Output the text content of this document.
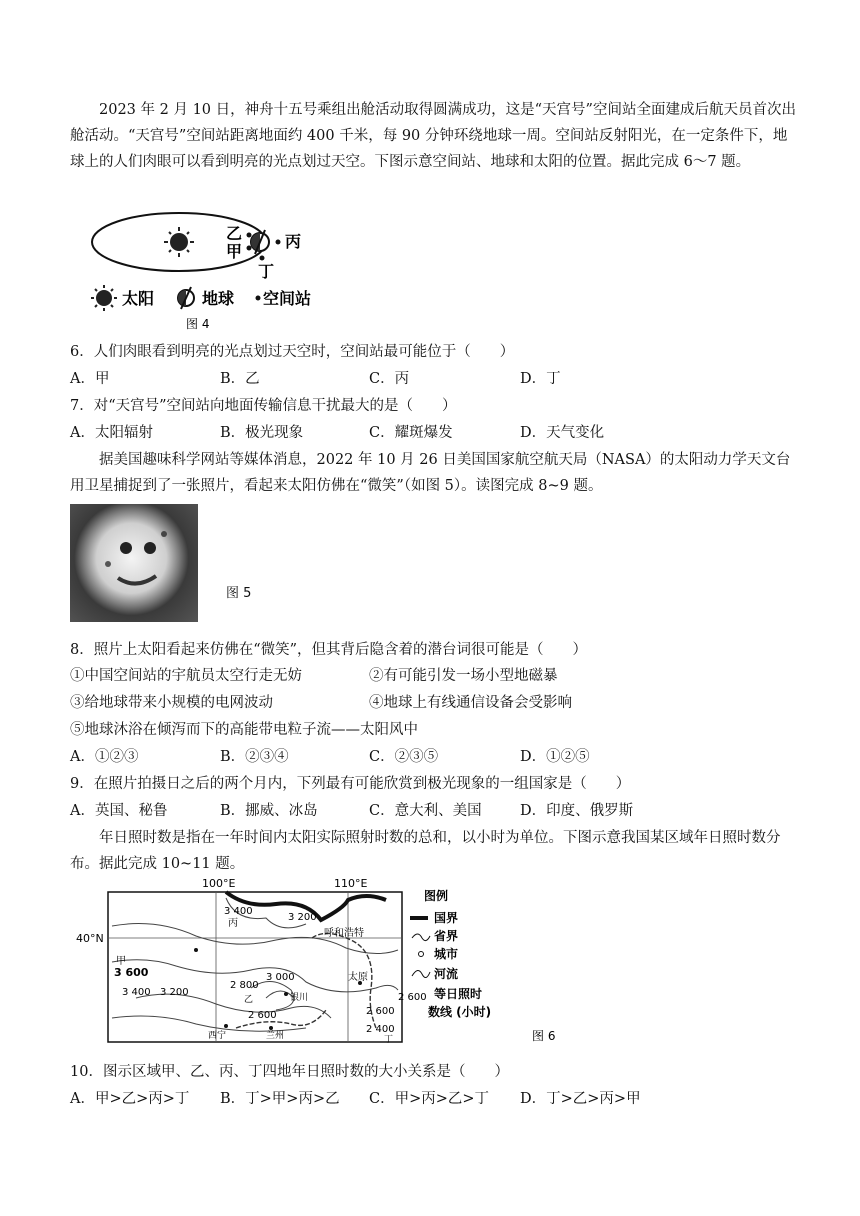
2023 年 2 月 10 日，神舟十五号乘组出舱活动取得圆满成功，这是“天宫号”空间站全面建成后航天员首次出舱活动。“天宫号”空间站距离地面约 400 千米，每 90 分钟环绕地球一周。空间站反射阳光，在一定条件下，地球上的人们肉眼可以看到明亮的光点划过天空。下图示意空间站、地球和太阳的位置。据此完成 6～7 题。

乙
甲
丙
丁
太阳	地球 空间站
图 4

6．人们肉眼看到明亮的光点划过天空时，空间站最可能位于（　　）

A．甲	B．乙	C．丙	D．丁

7．对“天宫号”空间站向地面传输信息干扰最大的是（　　）

A．太阳辐射	B．极光现象	C．耀斑爆发	D．天气变化

据美国趣味科学网站等媒体消息，2022 年 10 月 26 日美国国家航空航天局（NASA）的太阳动力学天文台用卫星捕捉到了一张照片，看起来太阳仿佛在“微笑”（如图 5）。读图完成 8~9 题。

图 5

8．照片上太阳看起来仿佛在“微笑”，但其背后隐含着的潜台词很可能是（　　）

①中国空间站的宇航员太空行走无妨	②有可能引发一场小型地磁暴
③给地球带来小规模的电网波动	④地球上有线通信设备会受影响
⑤地球沐浴在倾泻而下的高能带电粒子流——太阳风中
A．①②③	B．②③④	C．②③⑤	D．①②⑤

9．在照片拍摄日之后的两个月内，下列最有可能欣赏到极光现象的一组国家是（　　）

A．英国、秘鲁	B．挪威、冰岛	C．意大利、美国	D．印度、俄罗斯

年日照时数是指在一年时间内太阳实际照射时数的总和，以小时为单位。下图示意我国某区域年日照时数分布。据此完成 10~11 题。

100°E	110°E
40°N
3 400
丙
3 200
呼和浩特
甲
3 600
3 400 3 200
3 000
2 800
2 600
银川
太原
2 600
2 400
丁
西宁	兰州
乙
图例
国界
省界
城市
河流
2 600 等日照时
数线 (小时)
图 6

10．图示区域甲、乙、丙、丁四地年日照时数的大小关系是（　　）

A．甲>乙>丙>丁 B．丁>甲>丙>乙 C．甲>丙>乙>丁 D．丁>乙>丙>甲
